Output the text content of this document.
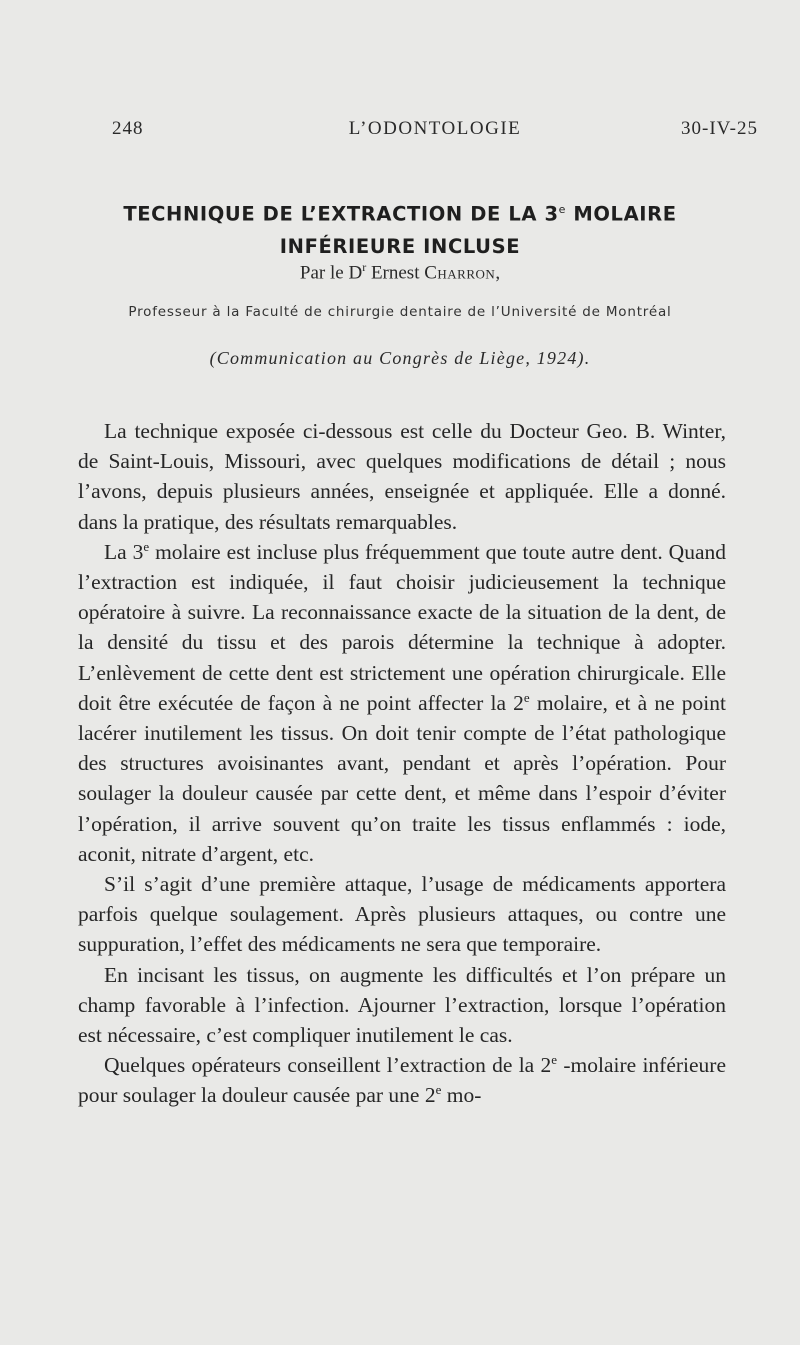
248	L’ODONTOLOGIE	30-IV-25
TECHNIQUE DE L’EXTRACTION DE LA 3e MOLAIRE
INFÉRIEURE INCLUSE
Par le $D^r$ Ernest Charron,
Professeur à la Faculté de chirurgie dentaire de l’Université de Montréal
(Communication au Congrès de Liège, 1924).

La technique exposée ci-dessous est celle du Docteur Geo. B. Winter, de Saint-Louis, Missouri, avec quelques modifications de détail ; nous l’avons, depuis plusieurs années, enseignée et appliquée. Elle a donné. dans la pratique, des résultats remarquables.

La 3e molaire est incluse plus fréquemment que toute autre dent. Quand l’extraction est indiquée, il faut choisir judicieusement la technique opératoire à suivre. La reconnaissance exacte de la situation de la dent, de la densité du tissu et des parois détermine la technique à adopter. L’enlèvement de cette dent est strictement une opération chirurgicale. Elle doit être exécutée de façon à ne point affecter la 2e molaire, et à ne point lacérer inutilement les tissus. On doit tenir compte de l’état pathologique des structures avoisinantes avant, pendant et après l’opération. Pour soulager la douleur causée par cette dent, et même dans l’espoir d’éviter l’opération, il arrive souvent qu’on traite les tissus enflammés : iode, aconit, nitrate d’argent, etc.

S’il s’agit d’une première attaque, l’usage de médicaments apportera parfois quelque soulagement. Après plusieurs attaques, ou contre une suppuration, l’effet des médicaments ne sera que temporaire.

En incisant les tissus, on augmente les difficultés et l’on prépare un champ favorable à l’infection. Ajourner l’extraction, lorsque l’opération est nécessaire, c’est compliquer inutilement le cas.

Quelques opérateurs conseillent l’extraction de la 2e -molaire inférieure pour soulager la douleur causée par une 2e mo-
